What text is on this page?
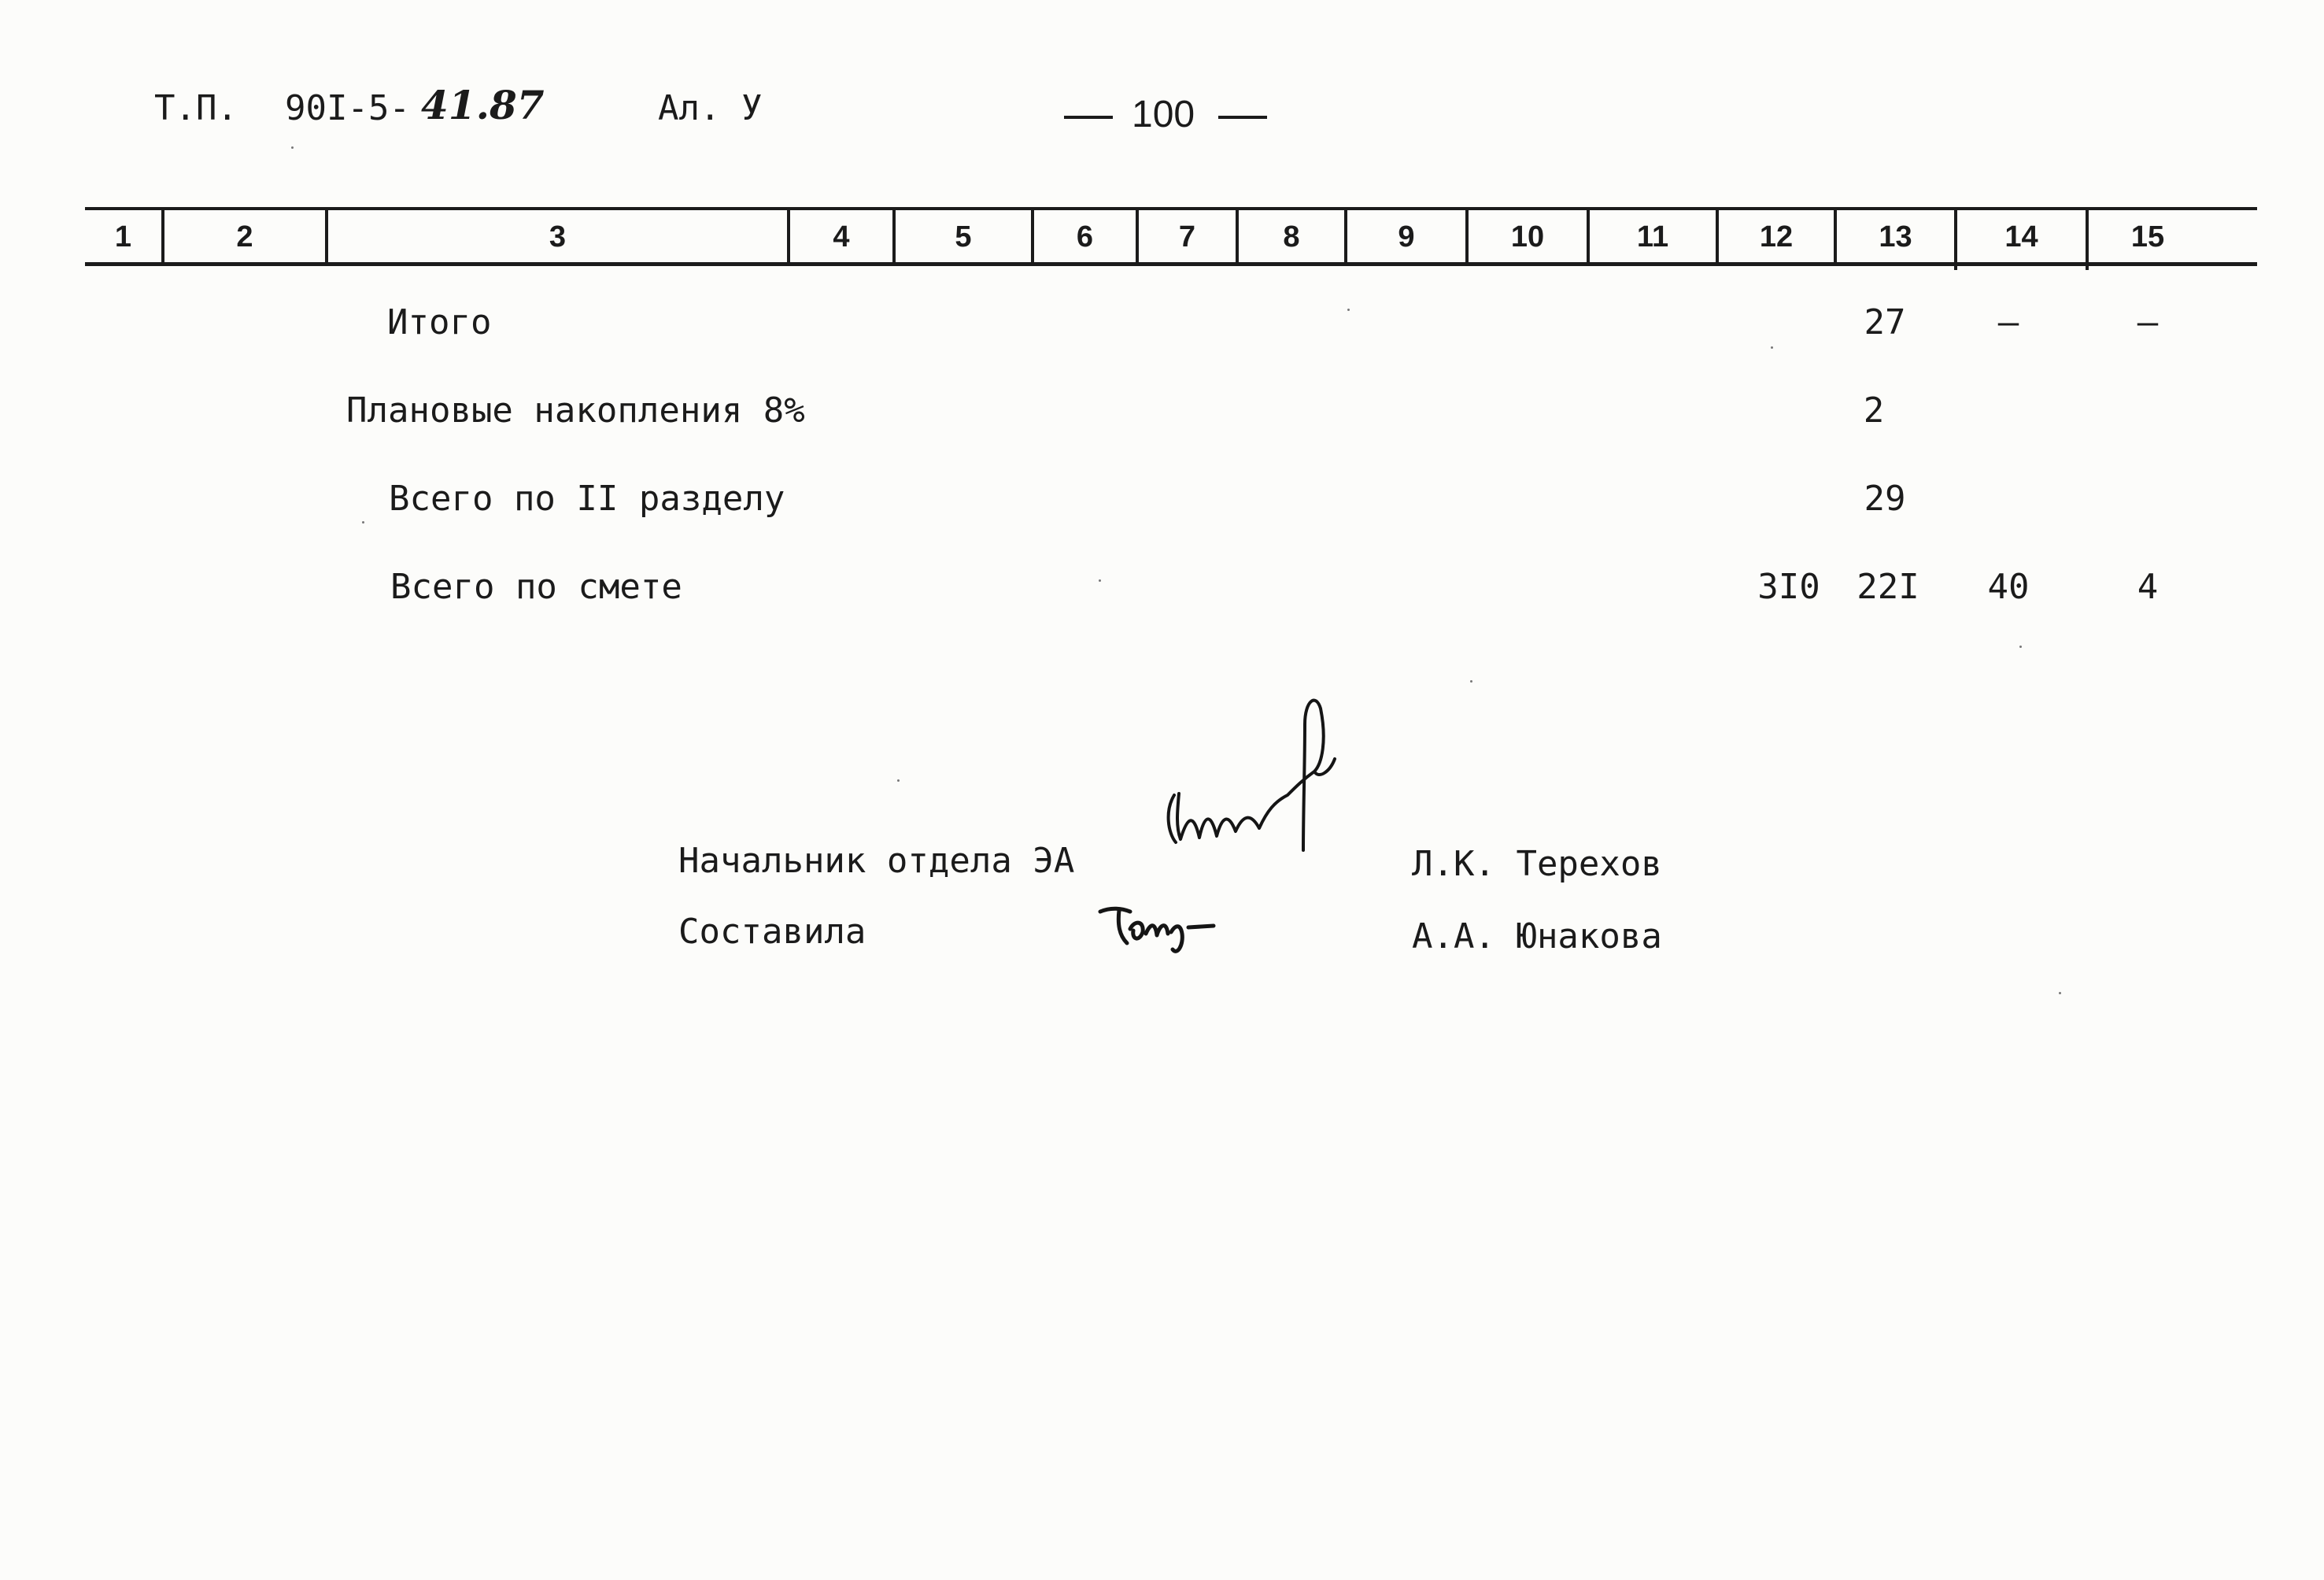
Т.П. 90I-5- 41.87	Ал. У	100
1	2	3	4	5	6	7	8	9	10	11	12	13	14	15
Итого	27	–	–
Плановые накопления 8%	2
Всего по II разделу	29
Всего по смете	3I0	22I	40	4
Начальник отдела ЭА	Л.К. Терехов
Составила	А.А. Юнакова
